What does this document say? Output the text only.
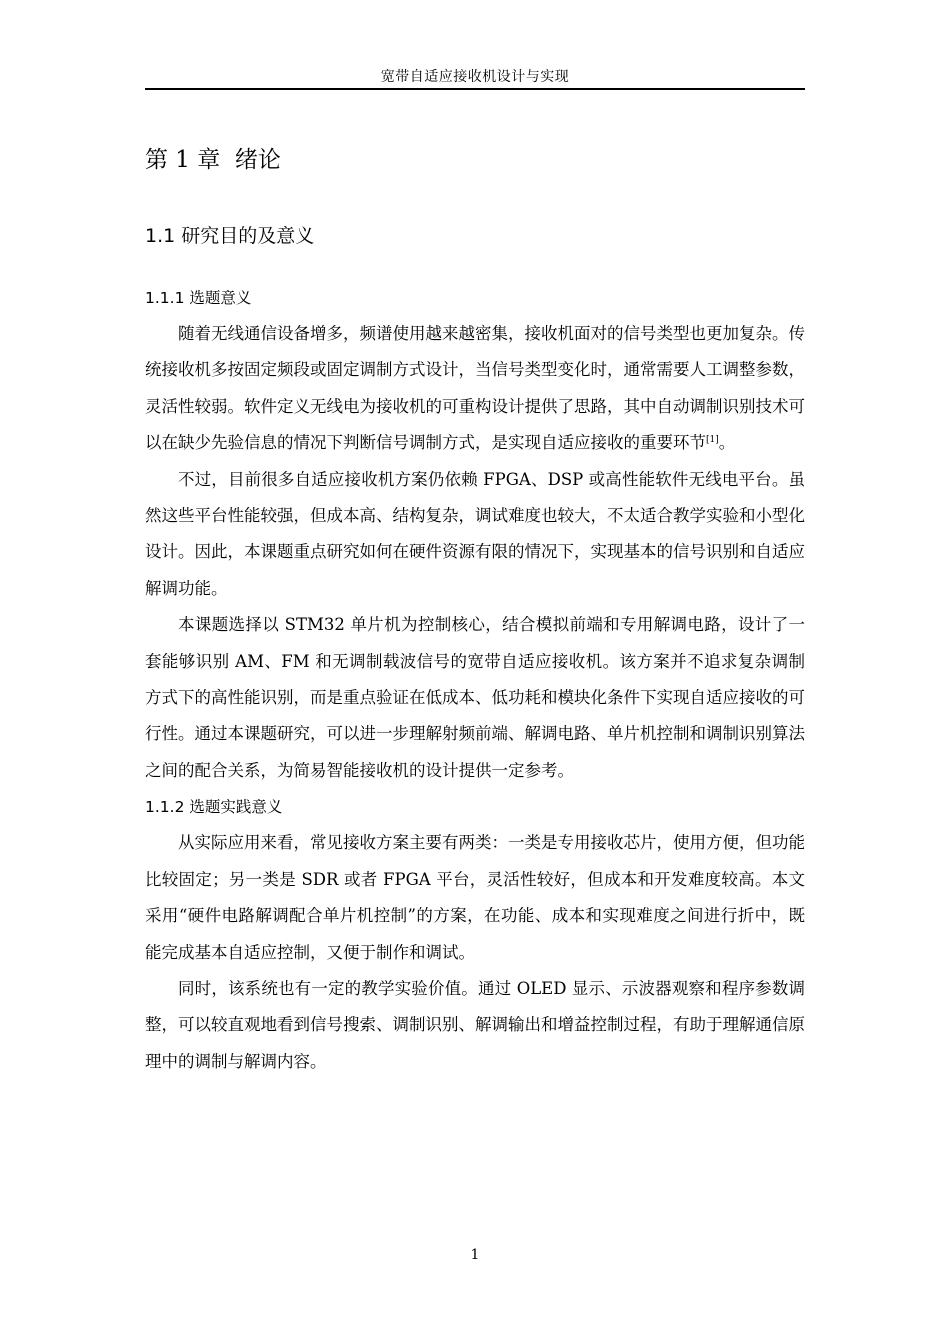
宽带自适应接收机设计与实现
第 1 章 绪论
1.1 研究目的及意义
1.1.1 选题意义

随着无线通信设备增多，频谱使用越来越密集，接收机面对的信号类型也更加复杂。传统接收机多按固定频段或固定调制方式设计，当信号类型变化时，通常需要人工调整参数，灵活性较弱。软件定义无线电为接收机的可重构设计提供了思路，其中自动调制识别技术可以在缺少先验信息的情况下判断信号调制方式，是实现自适应接收的重要环节[1]。

不过，目前很多自适应接收机方案仍依赖 FPGA、DSP 或高性能软件无线电平台。虽然这些平台性能较强，但成本高、结构复杂，调试难度也较大，不太适合教学实验和小型化设计。因此，本课题重点研究如何在硬件资源有限的情况下，实现基本的信号识别和自适应解调功能。

本课题选择以 STM32 单片机为控制核心，结合模拟前端和专用解调电路，设计了一套能够识别 AM、FM 和无调制载波信号的宽带自适应接收机。该方案并不追求复杂调制方式下的高性能识别，而是重点验证在低成本、低功耗和模块化条件下实现自适应接收的可行性。通过本课题研究，可以进一步理解射频前端、解调电路、单片机控制和调制识别算法之间的配合关系，为简易智能接收机的设计提供一定参考。

1.1.2 选题实践意义

从实际应用来看，常见接收方案主要有两类：一类是专用接收芯片，使用方便，但功能比较固定；另一类是 SDR 或者 FPGA 平台，灵活性较好，但成本和开发难度较高。本文采用“硬件电路解调配合单片机控制”的方案，在功能、成本和实现难度之间进行折中，既能完成基本自适应控制，又便于制作和调试。

同时，该系统也有一定的教学实验价值。通过 OLED 显示、示波器观察和程序参数调整，可以较直观地看到信号搜索、调制识别、解调输出和增益控制过程，有助于理解通信原理中的调制与解调内容。

1
